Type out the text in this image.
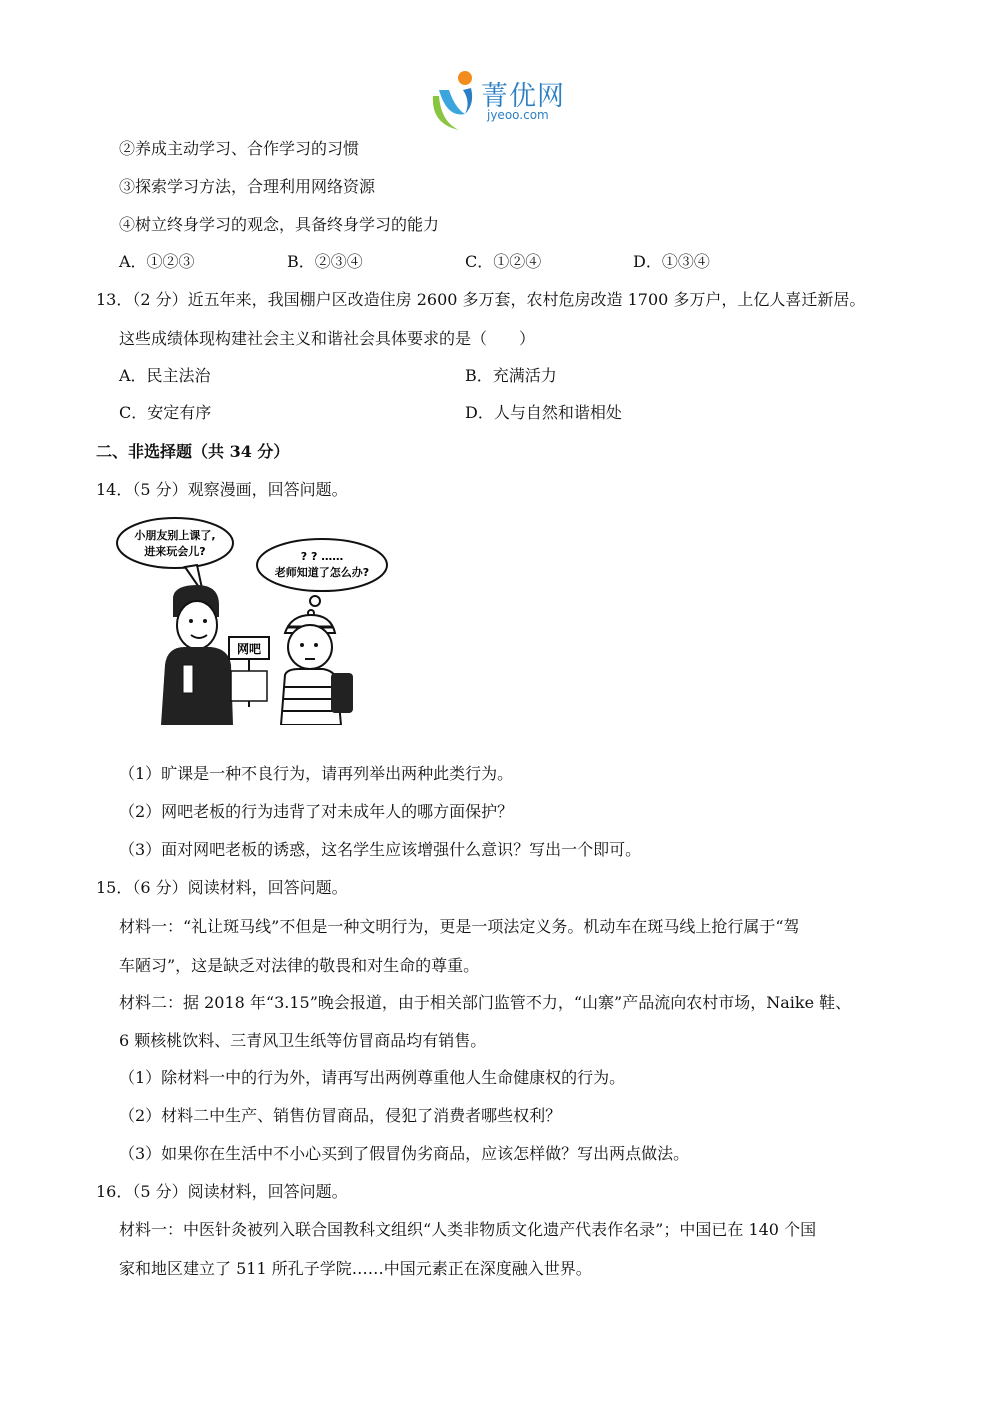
菁优网
jyeoo.com
②养成主动学习、合作学习的习惯
③探索学习方法，合理利用网络资源
④树立终身学习的观念，具备终身学习的能力
A．①②③	B．②③④	C．①②④	D．①③④
13．（2 分）近五年来，我国棚户区改造住房 2600 多万套，农村危房改造 1700 多万户，上亿人喜迁新居。
这些成绩体现构建社会主义和谐社会具体要求的是（　　）
A．民主法治	B．充满活力
C．安定有序	D．人与自然和谐相处
二、非选择题（共 34 分）
14．（5 分）观察漫画，回答问题。
小朋友别上课了,
进来玩会儿?	? ? ……
老师知道了怎么办?
网吧
（1）旷课是一种不良行为，请再列举出两种此类行为。
（2）网吧老板的行为违背了对未成年人的哪方面保护？
（3）面对网吧老板的诱惑，这名学生应该增强什么意识？写出一个即可。
15．（6 分）阅读材料，回答问题。
材料一：“礼让斑马线”不但是一种文明行为，更是一项法定义务。机动车在斑马线上抢行属于“驾
车陋习”，这是缺乏对法律的敬畏和对生命的尊重。
材料二：据 2018 年“3.15”晚会报道，由于相关部门监管不力，“山寨”产品流向农村市场，Naike 鞋、
6 颗核桃饮料、三青风卫生纸等仿冒商品均有销售。
（1）除材料一中的行为外，请再写出两例尊重他人生命健康权的行为。
（2）材料二中生产、销售仿冒商品，侵犯了消费者哪些权利？
（3）如果你在生活中不小心买到了假冒伪劣商品，应该怎样做？写出两点做法。
16．（5 分）阅读材料，回答问题。
材料一：中医针灸被列入联合国教科文组织“人类非物质文化遗产代表作名录”；中国已在 140 个国
家和地区建立了 511 所孔子学院……中国元素正在深度融入世界。
